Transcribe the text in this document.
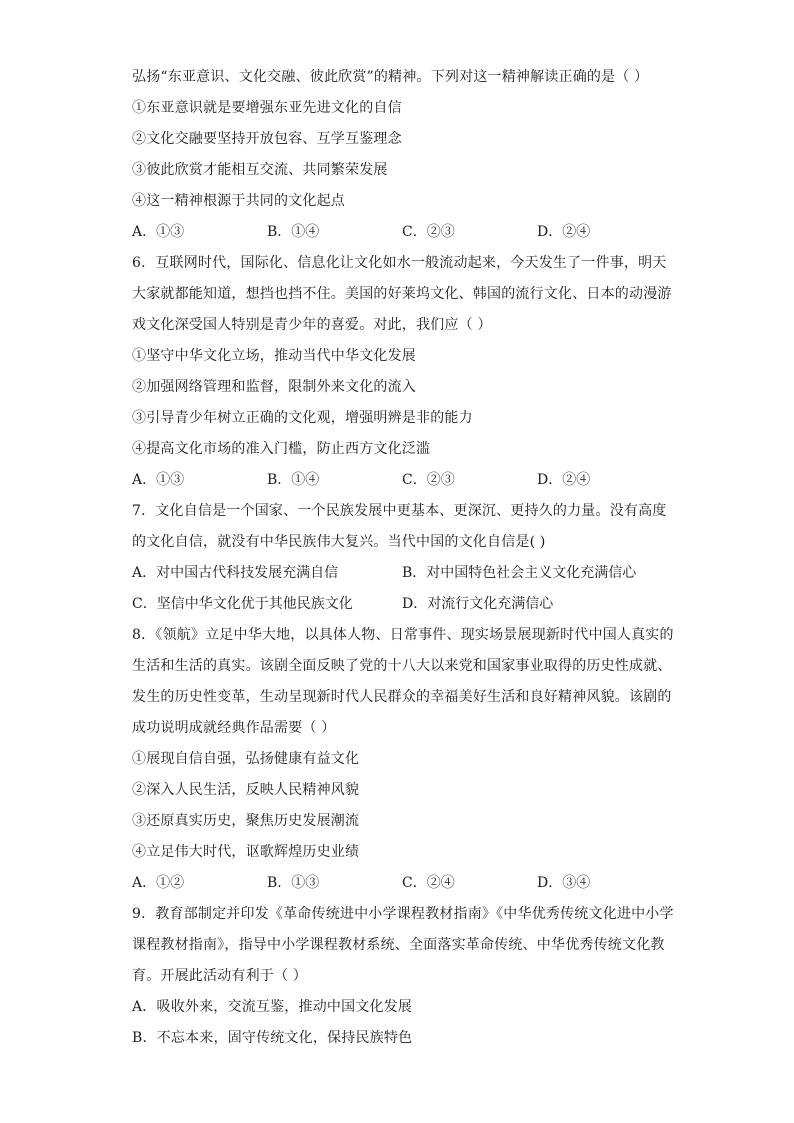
弘扬“东亚意识、文化交融、彼此欣赏”的精神。下列对这一精神解读正确的是（ ）
①东亚意识就是要增强东亚先进文化的自信
②文化交融要坚持开放包容、互学互鉴理念
③彼此欣赏才能相互交流、共同繁荣发展
④这一精神根源于共同的文化起点
A．①③	B．①④	C．②③	D．②④
6．互联网时代，国际化、信息化让文化如水一般流动起来，今天发生了一件事，明天
大家就都能知道，想挡也挡不住。美国的好莱坞文化、韩国的流行文化、日本的动漫游
戏文化深受国人特别是青少年的喜爱。对此，我们应（ ）
①坚守中华文化立场，推动当代中华文化发展
②加强网络管理和监督，限制外来文化的流入
③引导青少年树立正确的文化观，增强明辨是非的能力
④提高文化市场的准入门槛，防止西方文化泛滥
A．①③	B．①④	C．②③	D．②④
7．文化自信是一个国家、一个民族发展中更基本、更深沉、更持久的力量。没有高度
的文化自信，就没有中华民族伟大复兴。当代中国的文化自信是( )
A．对中国古代科技发展充满自信	B．对中国特色社会主义文化充满信心
C．坚信中华文化优于其他民族文化	D．对流行文化充满信心
8．《领航》立足中华大地，以具体人物、日常事件、现实场景展现新时代中国人真实的
生活和生活的真实。该剧全面反映了党的十八大以来党和国家事业取得的历史性成就、
发生的历史性变革，生动呈现新时代人民群众的幸福美好生活和良好精神风貌。该剧的
成功说明成就经典作品需要（ ）
①展现自信自强，弘扬健康有益文化
②深入人民生活，反映人民精神风貌
③还原真实历史，聚焦历史发展潮流
④立足伟大时代，讴歌辉煌历史业绩
A．①②	B．①③	C．②④	D．③④
9．教育部制定并印发《革命传统进中小学课程教材指南》《中华优秀传统文化进中小学
课程教材指南》，指导中小学课程教材系统、全面落实革命传统、中华优秀传统文化教
育。开展此活动有利于（ ）
A．吸收外来，交流互鉴，推动中国文化发展
B．不忘本来，固守传统文化，保持民族特色
